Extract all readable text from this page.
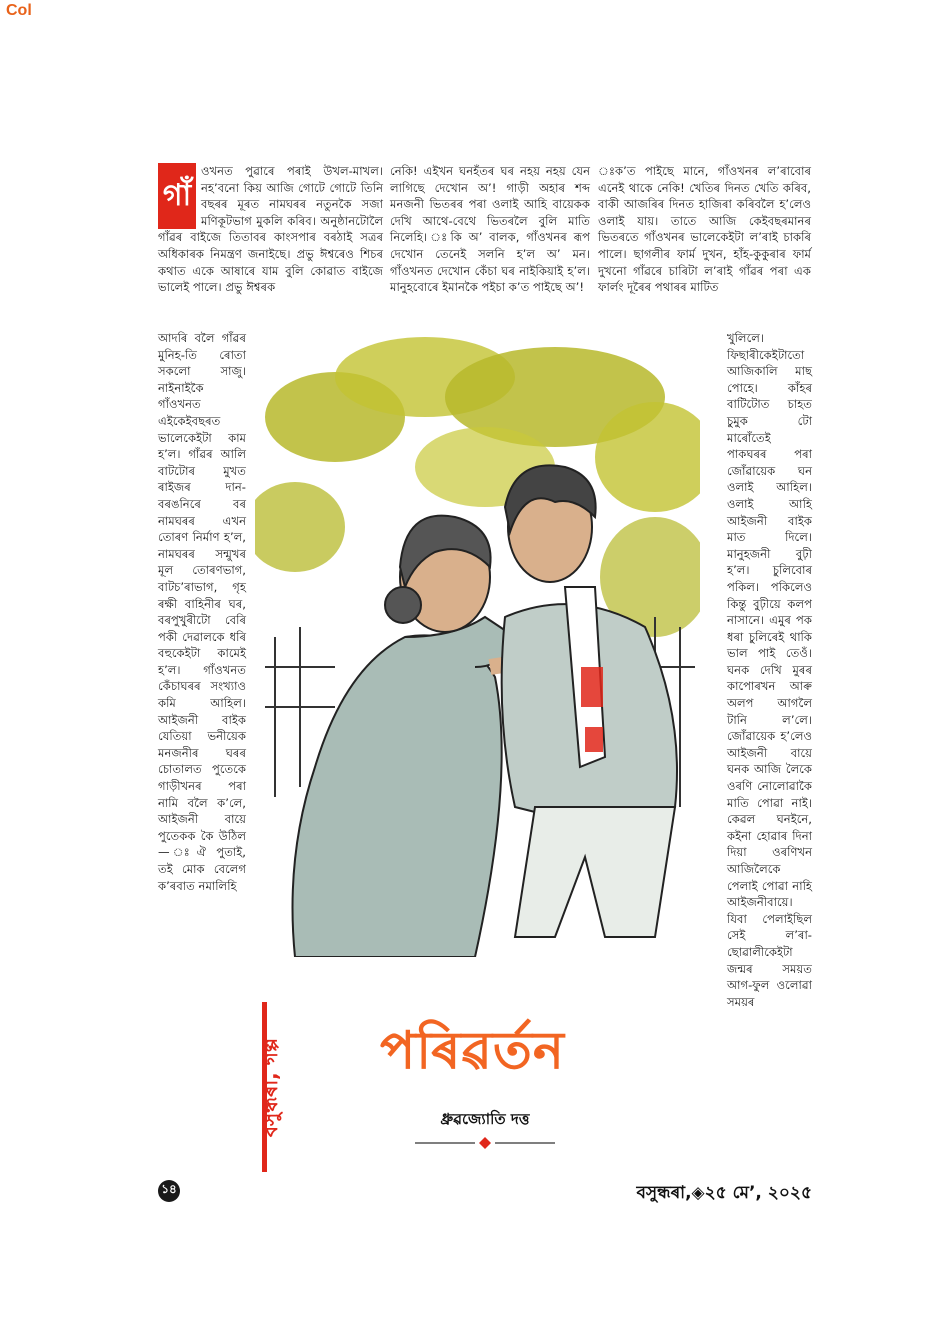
Col
গাঁ

ওখনত পুৱাৰে পৰাই উখল-মাখল। নহ’বনো কিয় আজি গোটে গোটে তিনি বছৰৰ মূৰত নামঘৰৰ নতুনকৈ সজা মণিকূটভাগ মুকলি কৰিব। অনুষ্ঠানটোলৈ গাঁৱৰ বাইজে তিতাবৰ কাংসপাৰ বৰঠাই সত্ৰৰ অধিকাৰক নিমন্ত্ৰণ জনাইছে। প্ৰভু ঈশ্বৰেও শিচৰ কথাত একে আষাৰে যাম বুলি কোৱাত বাইজে ভালেই পালে। প্ৰভু ঈশ্বৰক

আদৰি বলৈ গাঁৱৰ মুনিহ-তি ৰোতা সকলো সাজু। নাইনাইকৈ গাঁওখনত এইকেইবছৰত ভালেকেইটা কাম হ’ল। গাঁৱৰ আলি বাটটোৰ মুখত ৰাইজৰ দান-বৰঙনিৰে বৰ নামঘৰৰ এখন তোৰণ নিৰ্মাণ হ’ল, নামঘৰৰ সন্মুখৰ মূল তোৰণভাগ, বাটচ’ৰাভাগ, গৃহ ৰক্ষী বাহিনীৰ ঘৰ, বৰপুখুৰীটো বেৰি পকী দেৱালকে ধৰি বহুকেইটা কামেই হ’ল। গাঁওখনত কেঁচাঘৰৰ সংখ্যাও কমি আহিল। আইজনী বাইক যেতিয়া ভনীয়েক মনজনীৰ ঘৰৰ চোতালত পুতেকে গাড়ীখনৰ পৰা নামি বলৈ ক’লে, আইজনী বায়ে পুতেকক কৈ উঠিল— ঃঐ পুতাই, তই মোক বেলেগ ক’ৰবাত নমালিহি

নেকি! এইখন ঘনহঁতৰ ঘৰ নহয় নহয় যেন লাগিছে দেখোন অ’! গাড়ী অহাৰ শব্দ মনজনী ভিতৰৰ পৰা ওলাই আহি বায়েকক দেখি আথে-বেথে ভিতৰলৈ বুলি মাতি নিলেহি। ঃকি অ’ বালক, গাঁওখনৰ ৰূপ দেখোন তেনেই সলনি হ’ল অ’ মন। গাঁওখনত দেখোন কেঁচা ঘৰ নাইকিয়াই হ’ল। মানুহবোৰে ইমানকৈ পইচা ক’ত পাইছে অ’!

ঃক’ত পাইছে মানে, গাঁওখনৰ ল’ৰাবোৰ এনেই থাকে নেকি! খেতিৰ দিনত খেতি কৰিব, বাকী আজৰিৰ দিনত হাজিৰা কৰিবলৈ হ’লেও ওলাই যায়। তাতে আজি কেইবছৰমানৰ ভিতৰতে গাঁওখনৰ ভালেকেইটা ল’ৰাই চাকৰি পালে। ছাগলীৰ ফাৰ্ম দুখন, হাঁহ-কুকুৰাৰ ফাৰ্ম দুখনো গাঁৱৰে চাৰিটা ল’ৰাই গাঁৱৰ পৰা এক ফাৰ্লং দূৰৈৰ পথাৰৰ মাটিত

খুলিলে। ফিছাৰীকেইটাতো আজিকালি মাছ পোহে। কাঁহৰ বাটিটোত চাহত চুমুক টো মাৰোঁতেই পাকঘৰৰ পৰা জোঁৱায়েক ঘন ওলাই আহিল। ওলাই আহি আইজনী বাইক মাত দিলে। মানুহজনী বুঢ়ী হ’ল। চুলিবোৰ পকিল। পকিলেও কিন্তু বুঢ়ীয়ে কলপ নাসানে। এমুৰ পক ধৰা চুলিৰেই থাকি ভাল পাই তেওঁ। ঘনক দেখি মুৰৰ কাপোৰখন আৰু অলপ আগলৈ টানি ল’লে। জোঁৱায়েক হ’লেও আইজনী বায়ে ঘনক আজি লৈকে ওৰণি নোলোৱাকৈ মাতি পোৱা নাই। কেৱল ঘনইনে, কইনা হোৱাৰ দিনা দিয়া ওৰণিখন আজিলৈকে পেলাই পোৱা নাহি আইজনীবায়ে। যিবা পেলাইছিল সেই ল’ৰা-ছোৱালীকেইটা জন্মৰ সময়ত আগ-ফুল ওলোৱা সময়ৰ

বসুন্ধৰা, গল্প পৰিৱৰ্তন
ধ্ৰুৱজ্যোতি দত্ত
১৪	বসুন্ধৰা,◈২৫ মে’, ২০২৫
